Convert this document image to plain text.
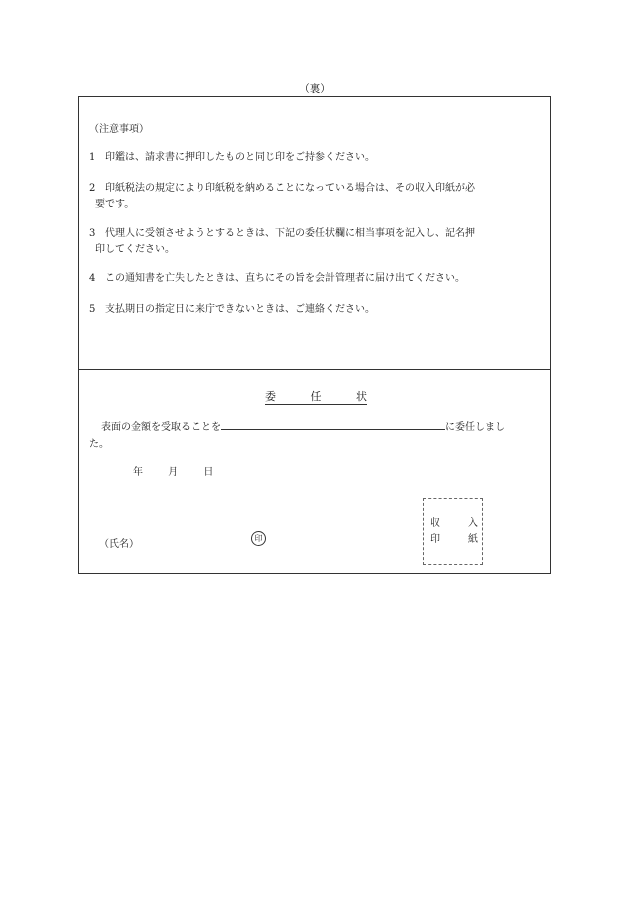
（裏）
（注意事項）
1 印鑑は、請求書に押印したものと同じ印をご持参ください。
2 印紙税法の規定により印紙税を納めることになっている場合は、その収入印紙が必
要です。
3 代理人に受領させようとするときは、下記の委任状欄に相当事項を記入し、記名押
印してください。
4 この通知書を亡失したときは、直ちにその旨を会計管理者に届け出てください。
5 支払期日の指定日に来庁できないときは、ご連絡ください。
委	任	状
表面の金額を受取ることを	に委任しまし
た。
年	月	日
（氏名）
印
収	入
印	紙
